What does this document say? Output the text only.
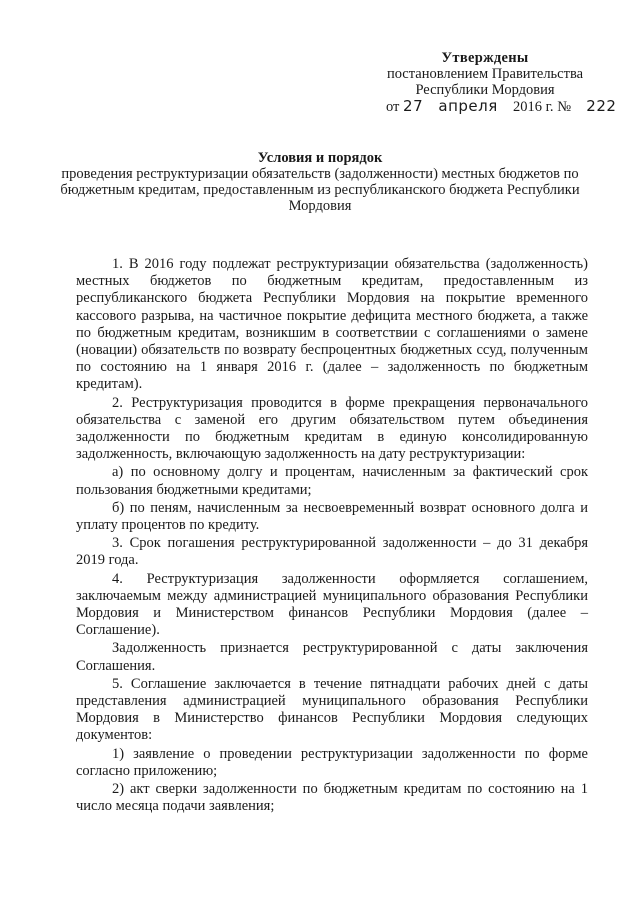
Утверждены
постановлением Правительства
Республики Мордовия
от 27 апреля 2016 г. № 222
Условия и порядок
проведения реструктуризации обязательств (задолженности) местных бюджетов по бюджетным кредитам, предоставленным из республиканского бюджета Республики Мордовия

1. В 2016 году подлежат реструктуризации обязательства (задолженность) местных бюджетов по бюджетным кредитам, предоставленным из республиканского бюджета Республики Мордовия на покрытие временного кассового разрыва, на частичное покрытие дефицита местного бюджета, а также по бюджетным кредитам, возникшим в соответствии с соглашениями о замене (новации) обязательств по возврату беспроцентных бюджетных ссуд, полученным по состоянию на 1 января 2016 г. (далее – задолженность по бюджетным кредитам).

2. Реструктуризация проводится в форме прекращения первоначального обязательства с заменой его другим обязательством путем объединения задолженности по бюджетным кредитам в единую консолидированную задолженность, включающую задолженность на дату реструктуризации:

а) по основному долгу и процентам, начисленным за фактический срок пользования бюджетными кредитами;

б) по пеням, начисленным за несвоевременный возврат основного долга и уплату процентов по кредиту.

3. Срок погашения реструктурированной задолженности – до 31 декабря 2019 года.

4. Реструктуризация задолженности оформляется соглашением, заключаемым между администрацией муниципального образования Республики Мордовия и Министерством финансов Республики Мордовия (далее – Соглашение).

Задолженность признается реструктурированной с даты заключения Соглашения.

5. Соглашение заключается в течение пятнадцати рабочих дней с даты представления администрацией муниципального образования Республики Мордовия в Министерство финансов Республики Мордовия следующих документов:

1) заявление о проведении реструктуризации задолженности по форме согласно приложению;

2) акт сверки задолженности по бюджетным кредитам по состоянию на 1 число месяца подачи заявления;
